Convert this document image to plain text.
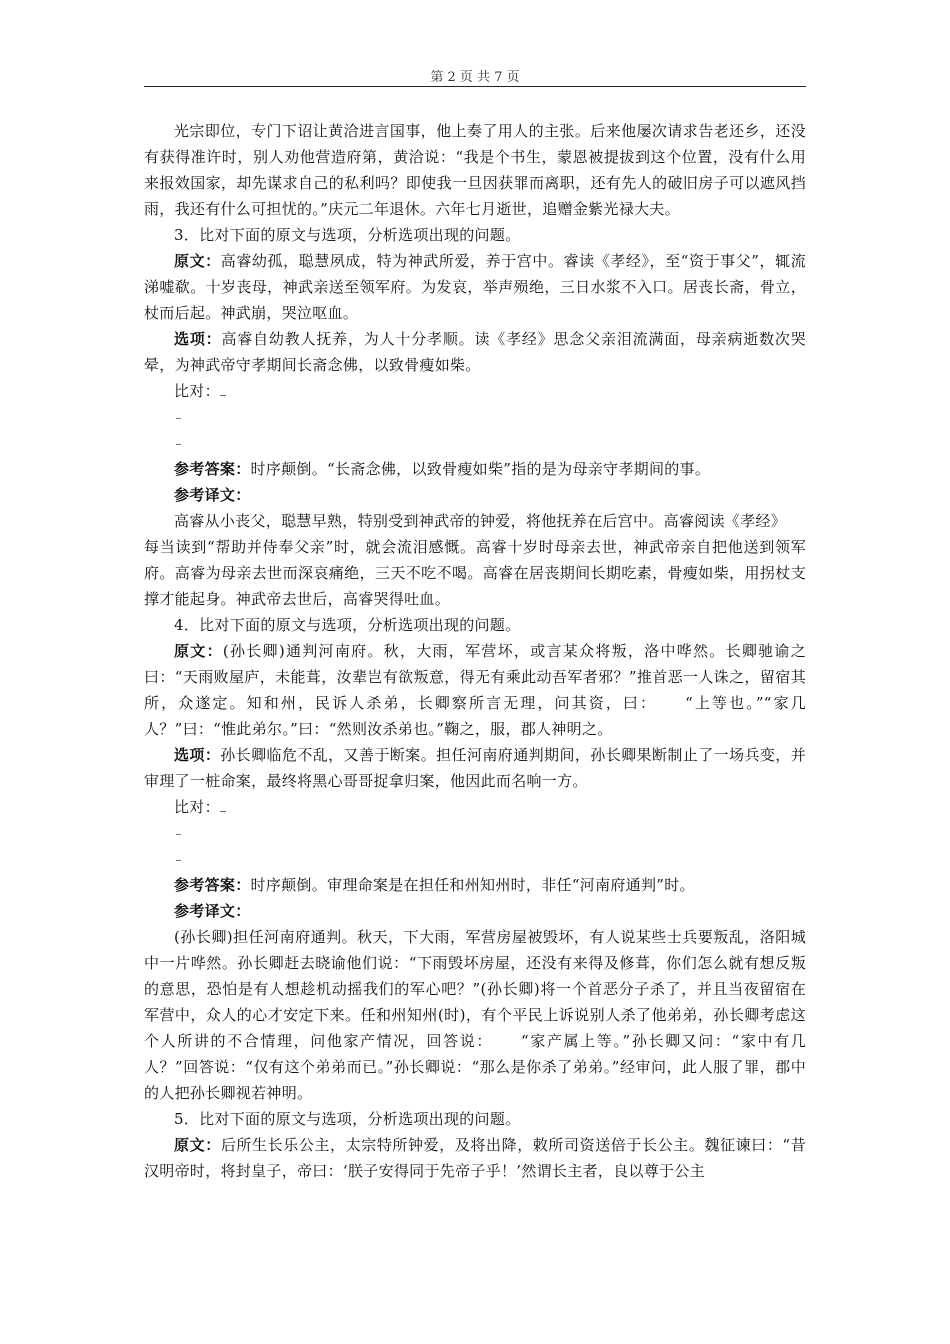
第 2 页 共 7 页

光宗即位，专门下诏让黄洽进言国事，他上奏了用人的主张。后来他屡次请求告老还乡，还没有获得准许时，别人劝他营造府第，黄洽说：“我是个书生，蒙恩被提拔到这个位置，没有什么用来报效国家，却先谋求自己的私利吗？即使我一旦因获罪而离职，还有先人的破旧房子可以遮风挡雨，我还有什么可担忧的。”庆元二年退休。六年七月逝世，追赠金紫光禄大夫。

3．比对下面的原文与选项，分析选项出现的问题。

原文：高睿幼孤，聪慧夙成，特为神武所爱，养于宫中。睿读《孝经》，至“资于事父”，辄流涕嘘欷。十岁丧母，神武亲送至领军府。为发哀，举声殒绝，三日水浆不入口。居丧长斋，骨立，杖而后起。神武崩，哭泣呕血。

选项：高睿自幼教人抚养，为人十分孝顺。读《孝经》思念父亲泪流满面，母亲病逝数次哭晕，为神武帝守孝期间长斋念佛，以致骨瘦如柴。

比对：

参考答案：时序颠倒。“长斋念佛，以致骨瘦如柴”指的是为母亲守孝期间的事。

参考译文：

高睿从小丧父，聪慧早熟，特别受到神武帝的钟爱，将他抚养在后宫中。高睿阅读《孝经》

每当读到“帮助并侍奉父亲”时，就会流泪感慨。高睿十岁时母亲去世，神武帝亲自把他送到领军府。高睿为母亲去世而深哀痛绝，三天不吃不喝。高睿在居丧期间长期吃素，骨瘦如柴，用拐杖支撑才能起身。神武帝去世后，高睿哭得吐血。

4．比对下面的原文与选项，分析选项出现的问题。

原文：(孙长卿)通判河南府。秋，大雨，军营坏，或言某众将叛，洛中哗然。长卿驰谕之曰：“天雨败屋庐，未能葺，汝辈岂有欲叛意，得无有乘此动吾军者邪？”推首恶一人诛之，留宿其所，众遂定。知和州，民诉人杀弟，长卿察所言无理，问其资，曰： “上等也。”“家几人？”曰：“惟此弟尔。”曰：“然则汝杀弟也。”鞠之，服，郡人神明之。

选项：孙长卿临危不乱，又善于断案。担任河南府通判期间，孙长卿果断制止了一场兵变，并审理了一桩命案，最终将黑心哥哥捉拿归案，他因此而名响一方。

比对：

参考答案：时序颠倒。审理命案是在担任和州知州时，非任“河南府通判”时。

参考译文：

(孙长卿)担任河南府通判。秋天，下大雨，军营房屋被毁坏，有人说某些士兵要叛乱，洛阳城中一片哗然。孙长卿赶去晓谕他们说：“下雨毁坏房屋，还没有来得及修葺，你们怎么就有想反叛的意思，恐怕是有人想趁机动摇我们的军心吧？”(孙长卿)将一个首恶分子杀了，并且当夜留宿在军营中，众人的心才安定下来。任和州知州(时)，有个平民上诉说别人杀了他弟弟，孙长卿考虑这个人所讲的不合情理，问他家产情况，回答说： “家产属上等。”孙长卿又问：“家中有几人？”回答说：“仅有这个弟弟而已。”孙长卿说：“那么是你杀了弟弟。”经审问，此人服了罪，郡中的人把孙长卿视若神明。

5．比对下面的原文与选项，分析选项出现的问题。

原文：后所生长乐公主，太宗特所钟爱，及将出降，敕所司资送倍于长公主。魏征谏曰：“昔汉明帝时，将封皇子，帝曰：‘朕子安得同于先帝子乎！’然谓长主者，良以尊于公主
